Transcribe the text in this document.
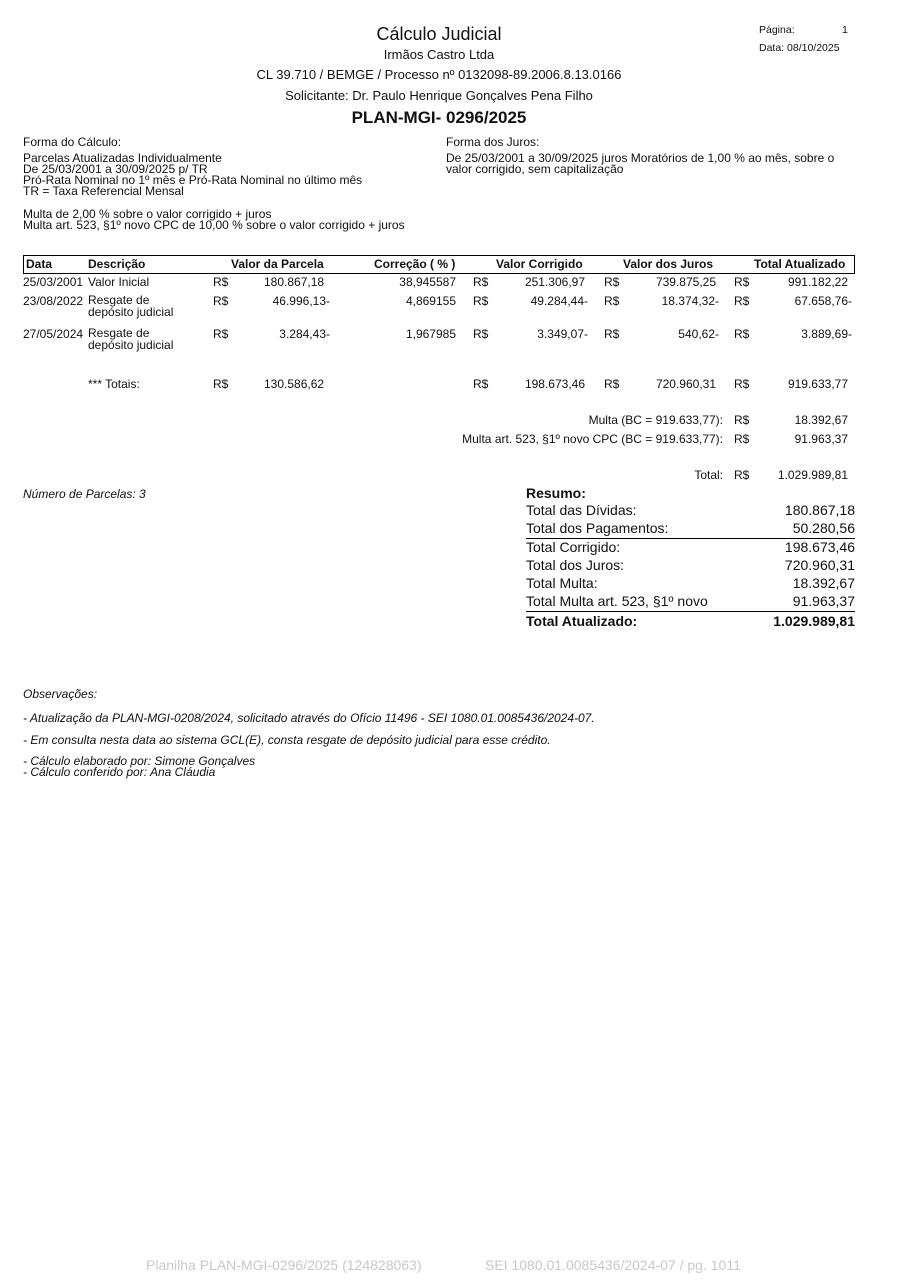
Cálculo Judicial
Irmãos Castro Ltda
CL 39.710 / BEMGE / Processo nº 0132098-89.2006.8.13.0166
Solicitante: Dr. Paulo Henrique Gonçalves Pena Filho
PLAN-MGI- 0296/2025
Página:	1
Data: 08/10/2025
Forma do Cálculo:
Parcelas Atualizadas Individualmente
De 25/03/2001 a 30/09/2025 p/ TR
Pró-Rata Nominal no 1º mês e Pró-Rata Nominal no último mês
TR = Taxa Referencial Mensal
Multa de 2,00 % sobre o valor corrigido + juros
Multa art. 523, §1º novo CPC de 10,00 % sobre o valor corrigido + juros
Forma dos Juros:
De 25/03/2001 a 30/09/2025 juros Moratórios de 1,00 % ao mês, sobre o
valor corrigido, sem capitalização
Data	Descrição	Valor da Parcela	Correção ( % )	Valor Corrigido	Valor dos Juros	Total Atualizado
25/03/2001 Valor Inicial	R$	180.867,18	38,945587 R$	251.306,97 R$	739.875,25 R$	991.182,22
23/08/2022 Resgate de
depósito judicial
R$	46.996,13-	4,869155 R$	49.284,44- R$	18.374,32- R$	67.658,76-
27/05/2024 Resgate de
depósito judicial
R$	3.284,43-	1,967985 R$	3.349,07- R$	540,62- R$	3.889,69-
*** Totais:	R$	130.586,62	R$	198.673,46 R$	720.960,31 R$	919.633,77
Multa (BC = 919.633,77): R$	18.392,67
Multa art. 523, §1º novo CPC (BC = 919.633,77): R$	91.963,37
Total: R$	1.029.989,81
Número de Parcelas: 3	Resumo:
Total das Dívidas:	180.867,18
Total dos Pagamentos:	50.280,56
Total Corrigido:	198.673,46
Total dos Juros:	720.960,31
Total Multa:	18.392,67
Total Multa art. 523, §1º novo	91.963,37
Total Atualizado:	1.029.989,81
Observações:
- Atualização da PLAN-MGI-0208/2024, solicitado através do Ofício 11496 - SEI 1080.01.0085436/2024-07.
- Em consulta nesta data ao sistema GCL(E), consta resgate de depósito judicial para esse crédito.
- Cálculo elaborado por: Simone Gonçalves
- Cálculo conferido por: Ana Cláudia
Planilha PLAN-MGI-0296/2025 (124828063)	SEI 1080.01.0085436/2024-07 / pg. 1011
